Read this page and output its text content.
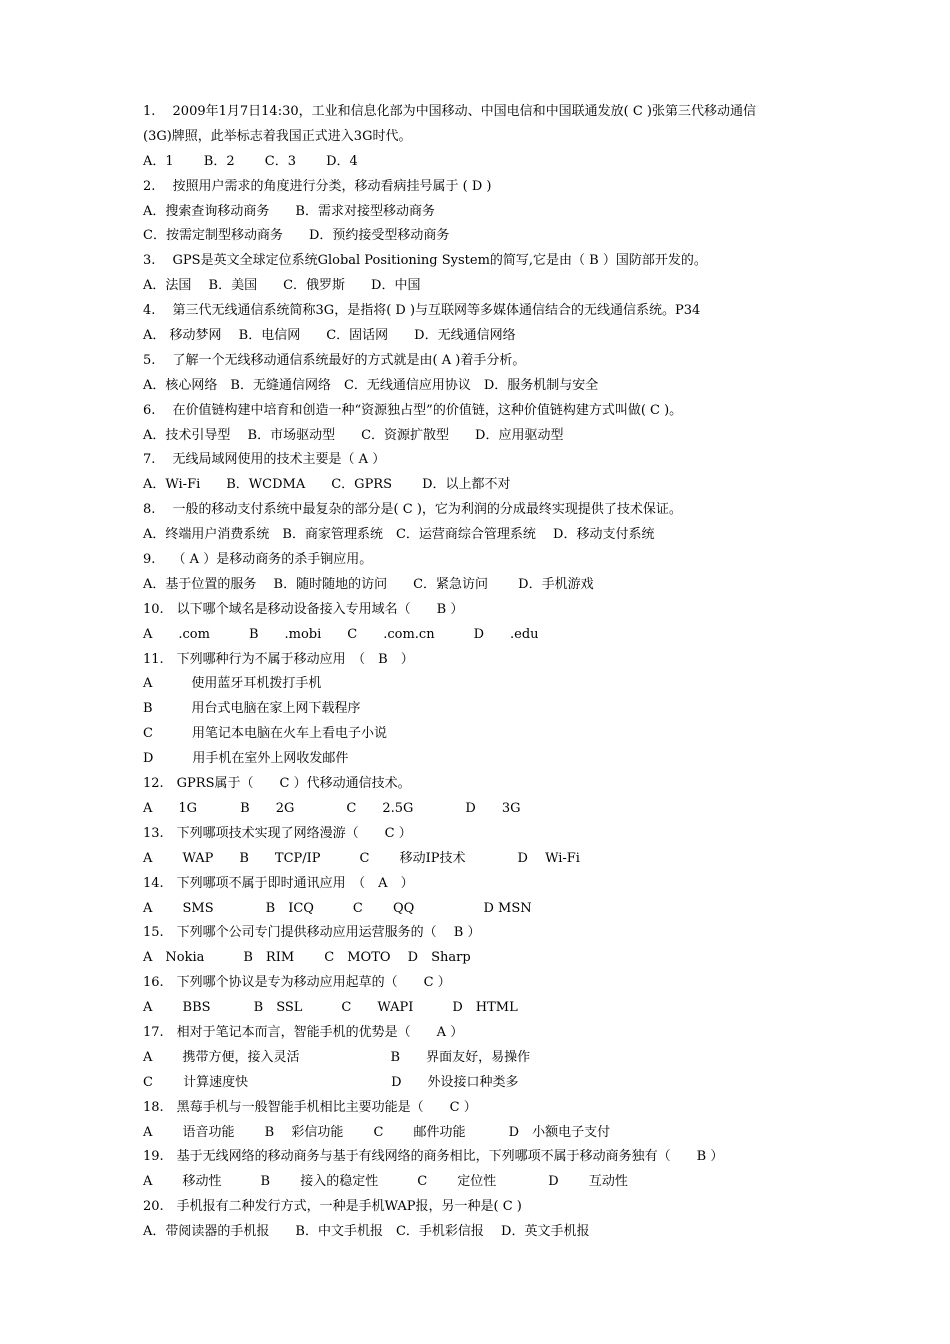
1.　 2009年1月7日14:30，工业和信息化部为中国移动、中国电信和中国联通发放( C )张第三代移动通信
(3G)牌照，此举标志着我国正式进入3G时代。
A．1　　 B．2　　 C．3　　 D．4
2.　 按照用户需求的角度进行分类，移动看病挂号属于 ( D )
A．搜索查询移动商务　　B．需求对接型移动商务
C．按需定制型移动商务　　D．预约接受型移动商务
3.　 GPS是英文全球定位系统Global Positioning System的简写,它是由（ B ）国防部开发的。
A．法国　 B．美国　　C．俄罗斯　　D．中国
4.　 第三代无线通信系统简称3G，是指将( D )与互联网等多媒体通信结合的无线通信系统。P34
A． 移动梦网　 B．电信网　　C．固话网　　D．无线通信网络
5.　 了解一个无线移动通信系统最好的方式就是由( A )着手分析。
A．核心网络　B．无缝通信网络　C．无线通信应用协议　D．服务机制与安全
6.　 在价值链构建中培育和创造一种“资源独占型”的价值链，这种价值链构建方式叫做( C )。
A．技术引导型　 B．市场驱动型　　C．资源扩散型　　D．应用驱动型
7.　 无线局域网使用的技术主要是（ A ）
A．Wi-Fi　　B．WCDMA　　C．GPRS　　 D．以上都不对
8.　 一般的移动支付系统中最复杂的部分是( C )，它为利润的分成最终实现提供了技术保证。
A．终端用户消费系统　B．商家管理系统　C．运营商综合管理系统　 D．移动支付系统
9.　 （ A ）是移动商务的杀手锏应用。
A．基于位置的服务　 B．随时随地的访问　　C．紧急访问　　 D．手机游戏
10.　以下哪个域名是移动设备接入专用域名（　　B ）
A　　.com　　　B　　.mobi　　C　　.com.cn　　　D　　.edu
11.　下列哪种行为不属于移动应用　（　B　）
A　　　使用蓝牙耳机拨打手机
B　　　用台式电脑在家上网下载程序
C　　　用笔记本电脑在火车上看电子小说
D　　　用手机在室外上网收发邮件
12.　GPRS属于（　　C ）代移动通信技术。
A　　1G　　　 B　　2G　　　　C　　2.5G　　　　D　　3G
13.　下列哪项技术实现了网络漫游（　　C ）
A　　 WAP　　B　　TCP/IP　　　C　　 移动IP技术　　　　D　 Wi-Fi
14.　下列哪项不属于即时通讯应用　（　A　）
A　　 SMS　　　　B　ICQ　　　C　　 QQ　　　　　 D MSN
15.　下列哪个公司专门提供移动应用运营服务的（　 B ）
A　Nokia　　　B　RIM　　 C　MOTO　 D　Sharp
16.　下列哪个协议是专为移动应用起草的（　　C ）
A　　 BBS　　　 B　SSL　　　C　　WAPI　　　D　HTML
17.　相对于笔记本而言，智能手机的优势是（　　A ）
A　　 携带方便，接入灵活　　　　　　　B　　界面友好，易操作
C　　 计算速度快　　　　　　　　　　　D　　外设接口种类多
18.　黑莓手机与一般智能手机相比主要功能是（　　C ）
A　　 语音功能　　 B　 彩信功能　　 C　　 邮件功能　　　 D　小额电子支付
19.　基于无线网络的移动商务与基于有线网络的商务相比，下列哪项不属于移动商务独有（　　B ）
A　　 移动性　　　B　　 接入的稳定性　　　C　　 定位性　　　　D　　 互动性
20.　手机报有二种发行方式，一种是手机WAP报，另一种是( C )
A．带阅读器的手机报　　B．中文手机报　C．手机彩信报　 D．英文手机报
